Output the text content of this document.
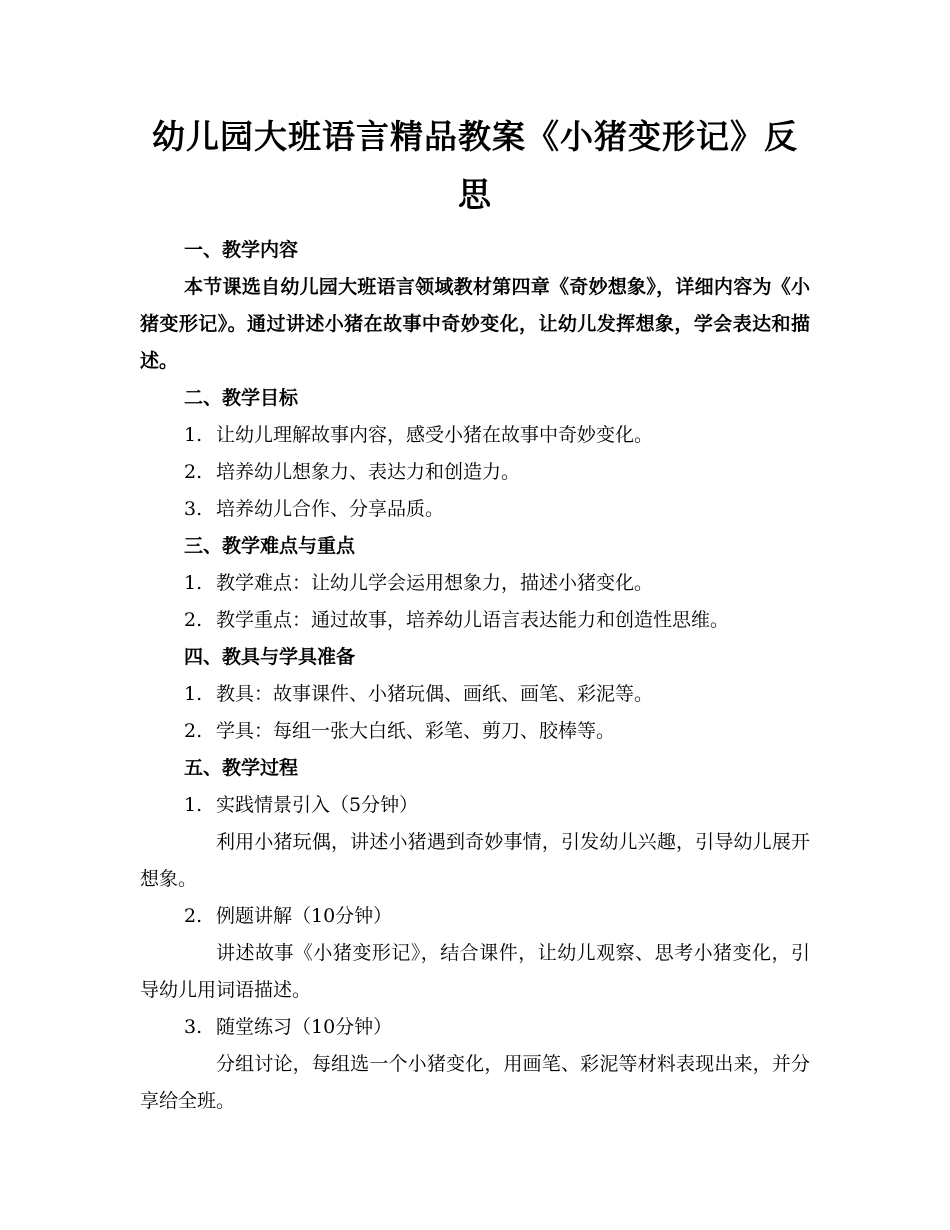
幼儿园大班语言精品教案《小猪变形记》反思

一、教学内容

本节课选自幼儿园大班语言领域教材第四章《奇妙想象》，详细内容为《小猪变形记》。通过讲述小猪在故事中奇妙变化，让幼儿发挥想象，学会表达和描述。

二、教学目标

1. 让幼儿理解故事内容，感受小猪在故事中奇妙变化。

2. 培养幼儿想象力、表达力和创造力。

3. 培养幼儿合作、分享品质。

三、教学难点与重点

1. 教学难点：让幼儿学会运用想象力，描述小猪变化。

2. 教学重点：通过故事，培养幼儿语言表达能力和创造性思维。

四、教具与学具准备

1. 教具：故事课件、小猪玩偶、画纸、画笔、彩泥等。

2. 学具：每组一张大白纸、彩笔、剪刀、胶棒等。

五、教学过程

1. 实践情景引入（5分钟）

利用小猪玩偶，讲述小猪遇到奇妙事情，引发幼儿兴趣，引导幼儿展开想象。

2. 例题讲解（10分钟）

讲述故事《小猪变形记》，结合课件，让幼儿观察、思考小猪变化，引导幼儿用词语描述。

3. 随堂练习（10分钟）

分组讨论，每组选一个小猪变化，用画笔、彩泥等材料表现出来，并分享给全班。
